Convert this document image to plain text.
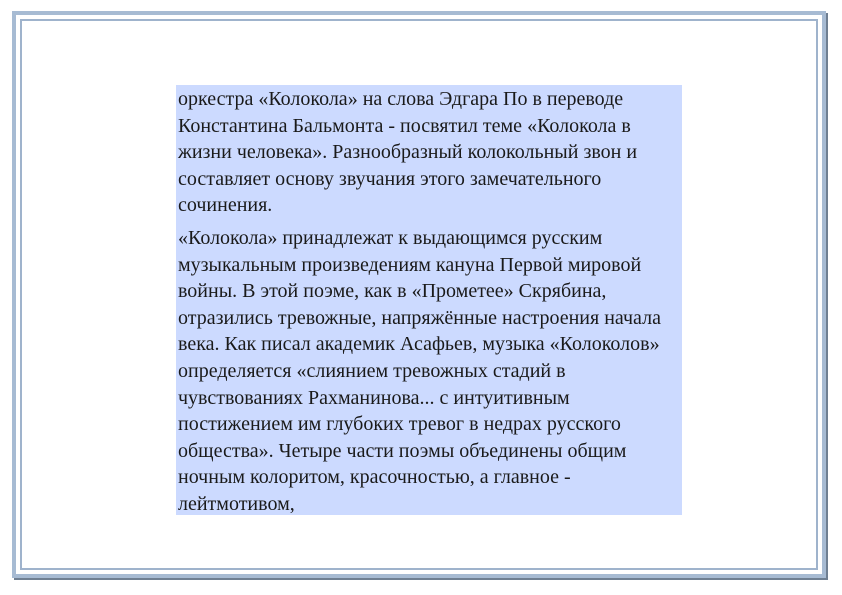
оркестра «Колокола» на слова Эдгара По в переводе Константина Бальмонта - посвятил теме «Колокола в жизни человека». Разнообразный колокольный звон и составляет основу звучания этого замечательного сочинения.

«Колокола» принадлежат к выдающимся русским музыкальным произведениям кануна Первой мировой войны. В этой поэме, как в «Прометее» Скрябина, отразились тревожные, напряжённые настроения начала века. Как писал академик Асафьев, музыка «Колоколов» определяется «слиянием тревожных стадий в чувствованиях Рахманинова... с интуитивным постижением им глубоких тревог в недрах русского общества». Четыре части поэмы объединены общим ночным колоритом, красочностью, а главное - лейтмотивом,
